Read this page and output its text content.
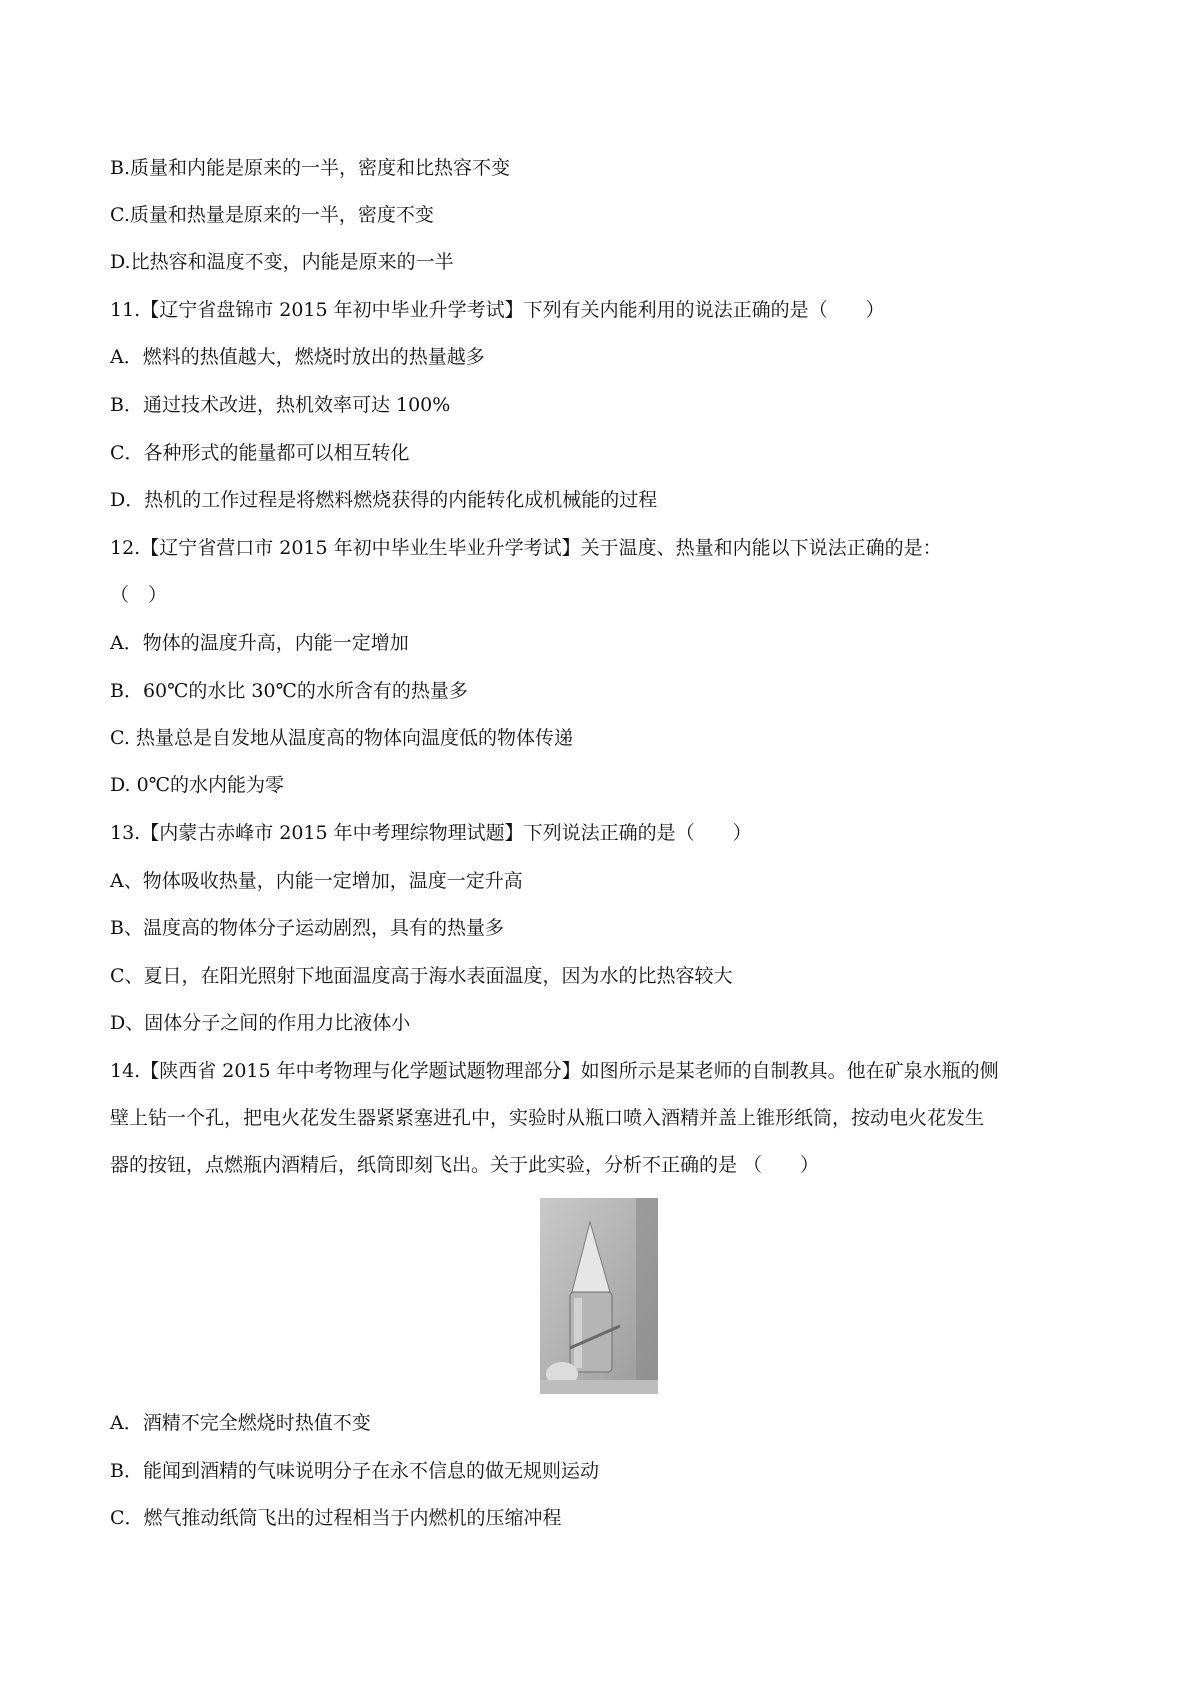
B.质量和内能是原来的一半，密度和比热容不变
C.质量和热量是原来的一半，密度不变
D.比热容和温度不变，内能是原来的一半
11.【辽宁省盘锦市 2015 年初中毕业升学考试】下列有关内能利用的说法正确的是（　　）
A．燃料的热值越大，燃烧时放出的热量越多
B．通过技术改进，热机效率可达 100%
C．各种形式的能量都可以相互转化
D．热机的工作过程是将燃料燃烧获得的内能转化成机械能的过程
12.【辽宁省营口市 2015 年初中毕业生毕业升学考试】关于温度、热量和内能以下说法正确的是：
（　）
A．物体的温度升高，内能一定增加
B．60℃的水比 30℃的水所含有的热量多
C. 热量总是自发地从温度高的物体向温度低的物体传递
D. 0℃的水内能为零
13.【内蒙古赤峰市 2015 年中考理综物理试题】下列说法正确的是（　　）
A、物体吸收热量，内能一定增加，温度一定升高
B、温度高的物体分子运动剧烈，具有的热量多
C、夏日，在阳光照射下地面温度高于海水表面温度，因为水的比热容较大
D、固体分子之间的作用力比液体小
14.【陕西省 2015 年中考物理与化学题试题物理部分】如图所示是某老师的自制教具。他在矿泉水瓶的侧
壁上钻一个孔，把电火花发生器紧紧塞进孔中，实验时从瓶口喷入酒精并盖上锥形纸筒，按动电火花发生
器的按钮，点燃瓶内酒精后，纸筒即刻飞出。关于此实验，分析不正确的是 （　　）
A．酒精不完全燃烧时热值不变
B．能闻到酒精的气味说明分子在永不信息的做无规则运动
C．燃气推动纸筒飞出的过程相当于内燃机的压缩冲程
